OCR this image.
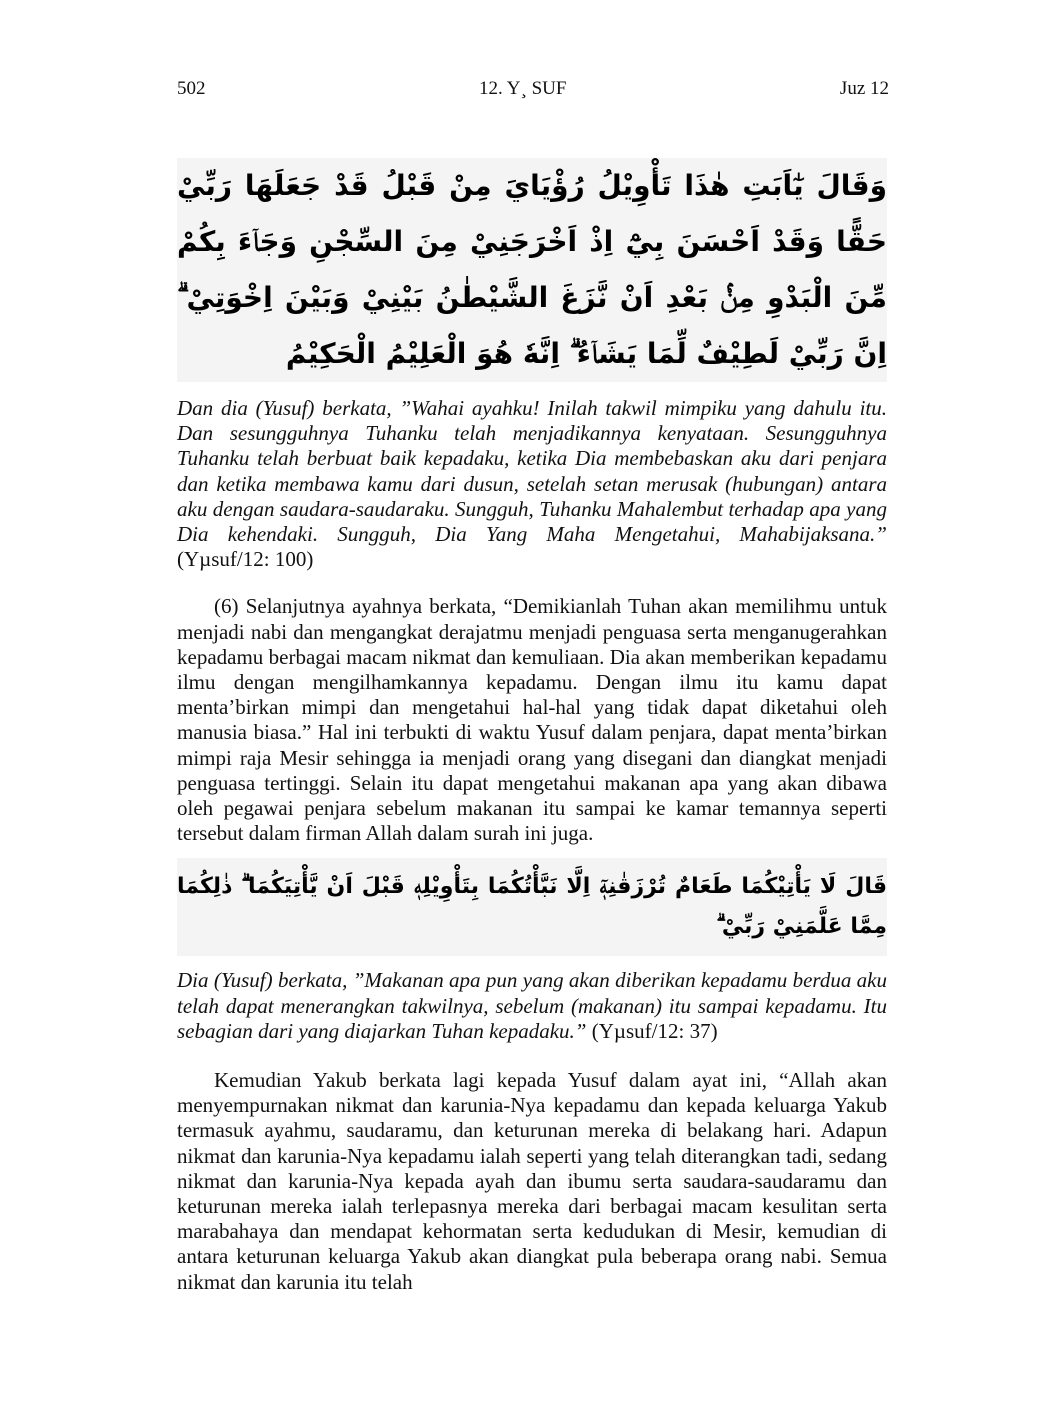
502	12. Y¸ SUF	Juz 12
وَقَالَ يٰٓاَبَتِ هٰذَا تَأْوِيْلُ رُؤْيَايَ مِنْ قَبْلُ قَدْ جَعَلَهَا رَبِّيْ حَقًّا وَقَدْ اَحْسَنَ بِيْٓ اِذْ اَخْرَجَنِيْ مِنَ السِّجْنِ وَجَاۤءَ بِكُمْ مِّنَ الْبَدْوِ مِنْۢ بَعْدِ اَنْ نَّزَغَ الشَّيْطٰنُ بَيْنِيْ وَبَيْنَ اِخْوَتِيْ ۗ اِنَّ رَبِّيْ لَطِيْفٌ لِّمَا يَشَاۤءُ ۗ اِنَّهٗ هُوَ الْعَلِيْمُ الْحَكِيْمُ
Dan dia (Yusuf) berkata, ”Wahai ayahku! Inilah takwil mimpiku yang dahulu itu. Dan sesungguhnya Tuhanku telah menjadikannya kenyataan. Sesungguhnya Tuhanku telah berbuat baik kepadaku, ketika Dia membebaskan aku dari penjara dan ketika membawa kamu dari dusun, setelah setan merusak (hubungan) antara aku dengan saudara-saudaraku. Sungguh, Tuhanku Mahalembut terhadap apa yang Dia kehendaki. Sungguh, Dia Yang Maha Mengetahui, Mahabijaksana.” (Yµsuf/12: 100)

(6) Selanjutnya ayahnya berkata, “Demikianlah Tuhan akan memilihmu untuk menjadi nabi dan mengangkat derajatmu menjadi penguasa serta menganugerahkan kepadamu berbagai macam nikmat dan kemuliaan. Dia akan memberikan kepadamu ilmu dengan mengilhamkannya kepadamu. Dengan ilmu itu kamu dapat menta’birkan mimpi dan mengetahui hal-hal yang tidak dapat diketahui oleh manusia biasa.” Hal ini terbukti di waktu Yusuf dalam penjara, dapat menta’birkan mimpi raja Mesir sehingga ia menjadi orang yang disegani dan diangkat menjadi penguasa tertinggi. Selain itu dapat mengetahui makanan apa yang akan dibawa oleh pegawai penjara sebelum makanan itu sampai ke kamar temannya seperti tersebut dalam firman Allah dalam surah ini juga.

قَالَ لَا يَأْتِيْكُمَا طَعَامٌ تُرْزَقٰنِهٖٓ اِلَّا نَبَّأْتُكُمَا بِتَأْوِيْلِهٖ قَبْلَ اَنْ يَّأْتِيَكُمَا ۗ ذٰلِكُمَا مِمَّا عَلَّمَنِيْ رَبِّيْ ۗ
Dia (Yusuf) berkata, ”Makanan apa pun yang akan diberikan kepadamu berdua aku telah dapat menerangkan takwilnya, sebelum (makanan) itu sampai kepadamu. Itu sebagian dari yang diajarkan Tuhan kepadaku.” (Yµsuf/12: 37)

Kemudian Yakub berkata lagi kepada Yusuf dalam ayat ini, “Allah akan menyempurnakan nikmat dan karunia-Nya kepadamu dan kepada keluarga Yakub termasuk ayahmu, saudaramu, dan keturunan mereka di belakang hari. Adapun nikmat dan karunia-Nya kepadamu ialah seperti yang telah diterangkan tadi, sedang nikmat dan karunia-Nya kepada ayah dan ibumu serta saudara-saudaramu dan keturunan mereka ialah terlepasnya mereka dari berbagai macam kesulitan serta marabahaya dan mendapat kehormatan serta kedudukan di Mesir, kemudian di antara keturunan keluarga Yakub akan diangkat pula beberapa orang nabi. Semua nikmat dan karunia itu telah
